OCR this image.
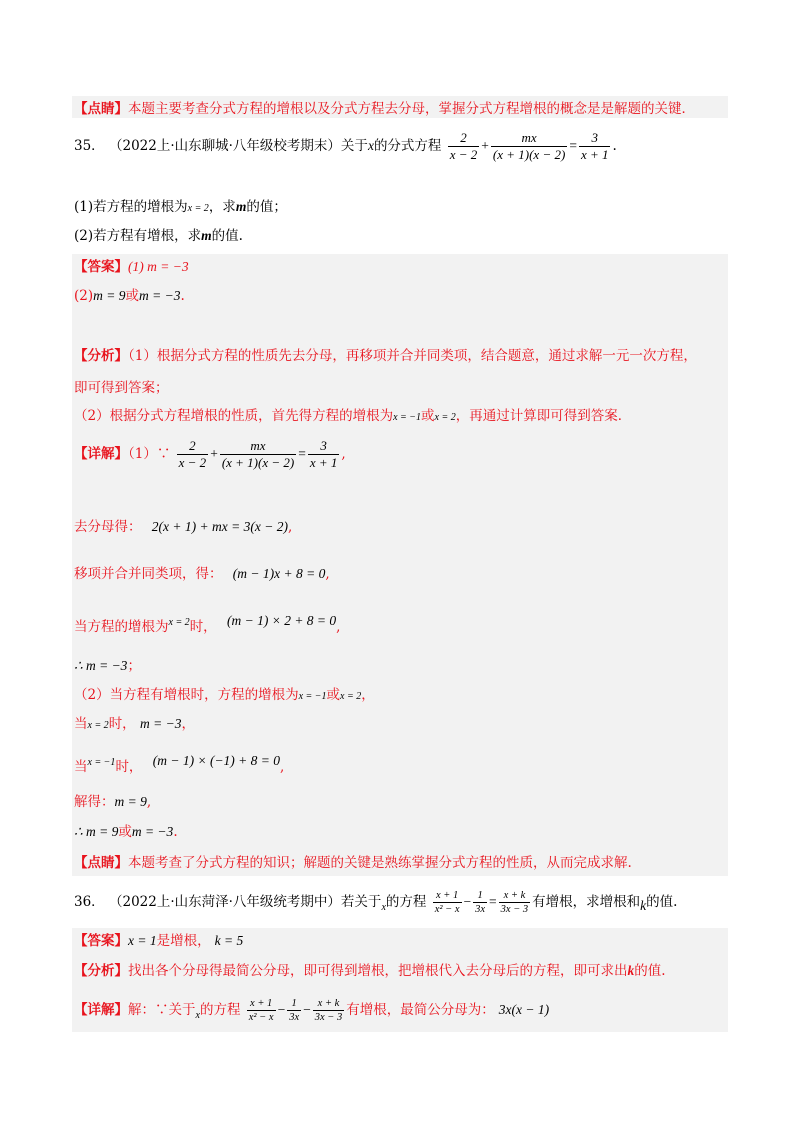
【点睛】本题主要考查分式方程的增根以及分式方程去分母，掌握分式方程增根的概念是是解题的关键．
35． （2022上·山东聊城·八年级校考期末）关于x的分式方程 $\frac{2}{x - 2} + \frac{mx}{(x + 1)(x - 2)} = \frac{3}{x + 1}$ .
(1)若方程的增根为x = 2，求m的值；
(2)若方程有增根，求m的值.
【答案】(1) m = −3
(2)m = 9或m = −3.
【分析】（1）根据分式方程的性质先去分母，再移项并合并同类项，结合题意，通过求解一元一次方程，
即可得到答案；
（2）根据分式方程增根的性质，首先得方程的增根为x = −1或x = 2，再通过计算即可得到答案．
【详解】（1）∵ $\frac{2}{x - 2} + \frac{mx}{(x + 1)(x - 2)} = \frac{3}{x + 1}$ ,
去分母得： 2(x + 1) + mx = 3(x − 2),
移项并合并同类项，得： (m − 1)x + 8 = 0,
当方程的增根为$^{x = 2}$时， (m − 1) × 2 + 8 = 0,
∴ m = −3；
（2）当方程有增根时，方程的增根为x = −1或x = 2，
当x = 2时， m = −3，
当$^{x = -1}$时， (m − 1) × (−1) + 8 = 0,
解得：m = 9,
∴ m = 9或m = −3.
【点睛】本题考查了分式方程的知识；解题的关键是熟练掌握分式方程的性质，从而完成求解.
36． （2022上·山东菏泽·八年级统考期中）若关于$_x$的方程 $\frac{x + 1}{\text{x² − x}} - \frac{1}{3x} = \frac{x + k}{3x - 3}$ 有增根，求增根和k的值.
【答案】x = 1是增根， k = 5
【分析】找出各个分母得最简公分母，即可得到增根，把增根代入去分母后的方程，即可求出k的值.
【详解】解：∵关于$_x$的方程 $\frac{x + 1}{\text{x² − x}} - \frac{1}{3x} - \frac{x + k}{3x - 3}$ 有增根，最简公分母为： 3x(x − 1)
